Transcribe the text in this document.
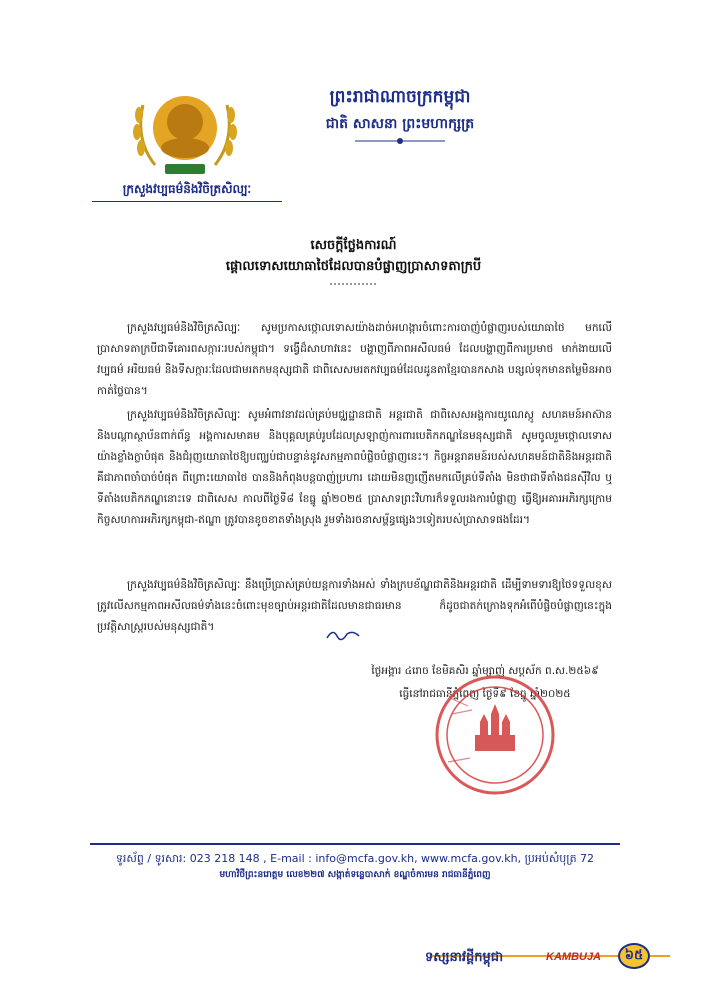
ក្រសួងវប្បធម៌និងវិចិត្រសិល្បៈ
ព្រះរាជាណាចក្រកម្ពុជា
ជាតិ សាសនា ព្រះមហាក្សត្រ
សេចក្តីថ្លែងការណ៍
ផ្តោលទោសយោធាថៃដែលបានបំផ្លាញប្រាសាទតាក្របី
ក្រសួងវប្បធម៌និងវិចិត្រសិល្បៈ សូមប្រកាសថ្កោលទោសយ៉ាងដាច់អហង្ការចំពោះការបាញ់បំផ្លាញរបស់យោធាថៃ មកលើប្រាសាទតាក្របីជាទីគោរពសក្ការៈរបស់កម្ពុជា។ ទង្វើដ៏សាហាវនេះ បង្ហាញពីភាពអសីលធម៌ ដែលបង្ហាញពីការប្រមាថ មាក់ងាយលើវប្បធម៌ អរិយធម៌ និងទីសក្ការៈដែលជាមរតកមនុស្សជាតិ ជាពិសេសមរតកវប្បធម៌ដែលដូនតាខ្មែរបានកសាង បន្សល់ទុកមានតម្លៃមិនអាចកាត់ថ្លៃបាន។
ក្រសួងវប្បធម៌និងវិចិត្រសិល្បៈ សូមអំពាវនាវដល់គ្រប់មជ្ឈដ្ឋានជាតិ អន្តរជាតិ ជាពិសេសអង្គការយូណេស្កូ សហគមន៍អាស៊ាន និងបណ្តាស្ថាប័នពាក់ព័ន្ធ អង្គការសមាគម និងបុគ្គលគ្រប់រូបដែលស្រឡាញ់ការពារបេតិកភណ្ឌនៃមនុស្សជាតិ សូមចូលរួមថ្កោលទោសយ៉ាងខ្លាំងក្លាបំផុត និងជំរុញយោធាថៃឱ្យបញ្ឈប់ជាបន្ទាន់នូវសកម្មភាពបំផ្លិចបំផ្លាញនេះ។ កិច្ចអន្តរាគមន៍របស់សហគមន៍ជាតិនិងអន្តរជាតិ គឺជាភាពចាំបាច់បំផុត ពីព្រោះយោធាថៃ បាននិងកំពុងបន្តបាញ់ប្រហារ ដោយមិនញញើតមកលើគ្រប់ទីតាំង មិនថាជាទីតាំងជនស៊ីវិល ឬទីតាំងបេតិកភណ្ឌនោះទេ ជាពិសេស កាលពីថ្ងៃទី៨ ខែធ្នូ ឆ្នាំ២០២៥ ប្រាសាទព្រះវិហារក៏ទទួលរងការបំផ្លាញ ធ្វើឱ្យអគារអភិរក្សក្រោមកិច្ចសហការអភិរក្សកម្ពុជា-ឥណ្ឌា ត្រូវបានខូចខាតទាំងស្រុង រួមទាំងរចនាសម្ព័ន្ធផ្សេងៗទៀតរបស់ប្រាសាទផងដែរ។
ក្រសួងវប្បធម៌និងវិចិត្រសិល្បៈ នឹងប្រើប្រាស់គ្រប់យន្តការទាំងអស់ ទាំងក្របខ័ណ្ឌជាតិនិងអន្តរជាតិ ដើម្បីទាមទារឱ្យថៃទទួលខុសត្រូវលើសកម្មភាពអសីលធម៌ទាំងនេះចំពោះមុខច្បាប់អន្តរជាតិដែលមានជាធរមាន ក៏ដូចជាតក់ក្រោងទុកអំពើបំផ្លិចបំផ្លាញនេះក្នុងប្រវត្តិសាស្ត្ររបស់មនុស្សជាតិ។
ថ្ងៃអង្គារ ៤រោច ខែមិគសិរ ឆ្នាំម្សាញ់ សប្តស័ក ព.ស.២៥៦៩
ធ្វើនៅរាជធានីភ្នំពេញ ថ្ងៃទី៩ ខែធ្នូ ឆ្នាំ២០២៥
ទូរស័ព្ទ / ទូរសារ: 023 218 148 , E-mail : info@mcfa.gov.kh, www.mcfa.gov.kh, ប្រអប់សំបុត្រ 72
មហាវិថីព្រះនរោត្តម លេខ២២៧ សង្កាត់ទន្លេបាសាក់ ខណ្ឌចំការមន រាជធានីភ្នំពេញ
ទស្សនាវដ្តីកម្ពុជា	KAMBUJA	៦៥
